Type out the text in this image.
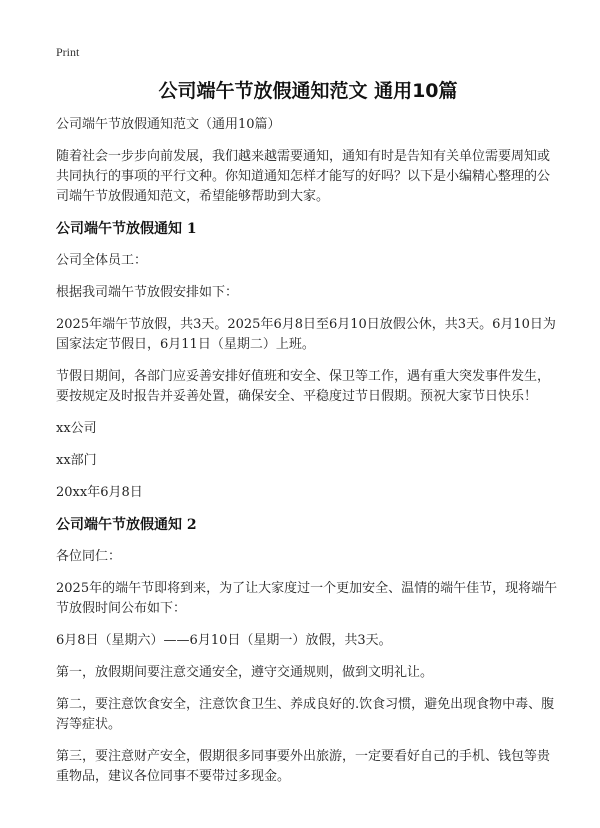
Print
公司端午节放假通知范文 通用10篇

公司端午节放假通知范文（通用10篇）

随着社会一步步向前发展，我们越来越需要通知，通知有时是告知有关单位需要周知或共同执行的事项的平行文种。你知道通知怎样才能写的好吗？以下是小编精心整理的公司端午节放假通知范文，希望能够帮助到大家。

公司端午节放假通知 1

公司全体员工：

根据我司端午节放假安排如下：

2025年端午节放假，共3天。2025年6月8日至6月10日放假公休，共3天。6月10日为国家法定节假日，6月11日（星期二）上班。

节假日期间，各部门应妥善安排好值班和安全、保卫等工作，遇有重大突发事件发生，要按规定及时报告并妥善处置，确保安全、平稳度过节日假期。预祝大家节日快乐！

xx公司

xx部门

20xx年6月8日

公司端午节放假通知 2

各位同仁：

2025年的端午节即将到来，为了让大家度过一个更加安全、温情的端午佳节，现将端午节放假时间公布如下：

6月8日（星期六）——6月10日（星期一）放假，共3天。

第一，放假期间要注意交通安全，遵守交通规则，做到文明礼让。

第二，要注意饮食安全，注意饮食卫生、养成良好的.饮食习惯，避免出现食物中毒、腹泻等症状。

第三，要注意财产安全，假期很多同事要外出旅游，一定要看好自己的手机、钱包等贵重物品，建议各位同事不要带过多现金。
